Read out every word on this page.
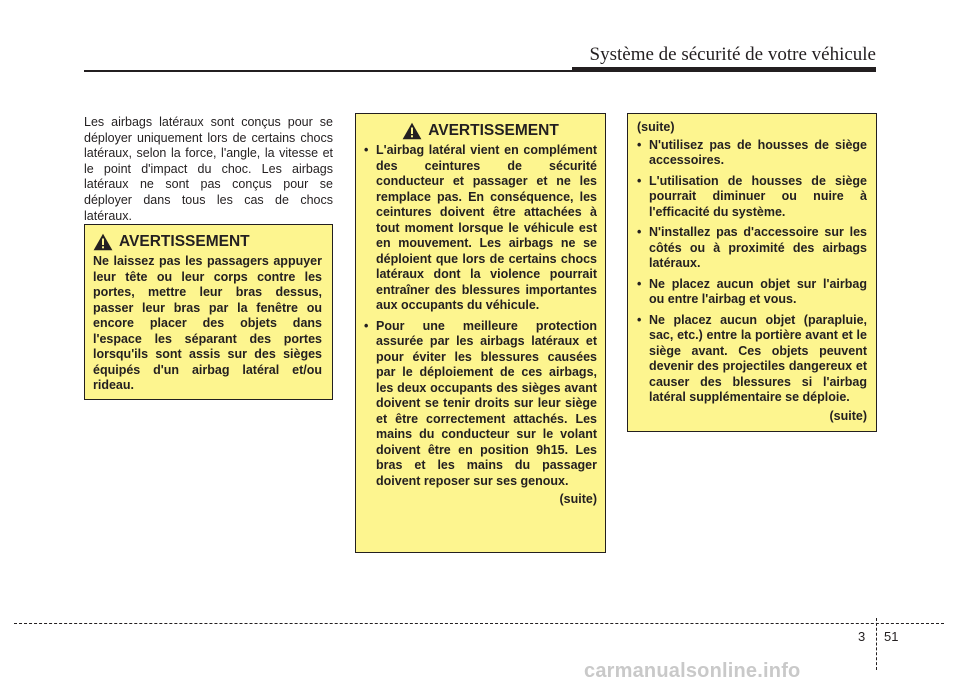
Système de sécurité de votre véhicule
Les airbags latéraux sont conçus pour se déployer uniquement lors de certains chocs latéraux, selon la force, l'angle, la vitesse et le point d'impact du choc. Les airbags latéraux ne sont pas conçus pour se déployer dans tous les cas de chocs latéraux.
AVERTISSEMENT
Ne laissez pas les passagers appuyer leur tête ou leur corps contre les portes, mettre leur bras dessus, passer leur bras par la fenêtre ou encore placer des objets dans l'espace les séparant des portes lorsqu'ils sont assis sur des sièges équipés d'un airbag latéral et/ou rideau.
AVERTISSEMENT
• L'airbag latéral vient en complément des ceintures de sécurité conducteur et passager et ne les remplace pas. En conséquence, les ceintures doivent être attachées à tout moment lorsque le véhicule est en mouvement. Les airbags ne se déploient que lors de certains chocs latéraux dont la violence pourrait entraîner des blessures importantes aux occupants du véhicule.
• Pour une meilleure protection assurée par les airbags latéraux et pour éviter les blessures causées par le déploiement de ces airbags, les deux occupants des sièges avant doivent se tenir droits sur leur siège et être correctement attachés. Les mains du conducteur sur le volant doivent être en position 9h15. Les bras et les mains du passager doivent reposer sur ses genoux.
(suite)
(suite)
• N'utilisez pas de housses de siège accessoires.
• L'utilisation de housses de siège pourrait diminuer ou nuire à l'efficacité du système.
• N'installez pas d'accessoire sur les côtés ou à proximité des airbags latéraux.
• Ne placez aucun objet sur l'airbag ou entre l'airbag et vous.
• Ne placez aucun objet (parapluie, sac, etc.) entre la portière avant et le siège avant. Ces objets peuvent devenir des projectiles dangereux et causer des blessures si l'airbag latéral supplémentaire se déploie.
(suite)
3 51
carmanualsonline.info
